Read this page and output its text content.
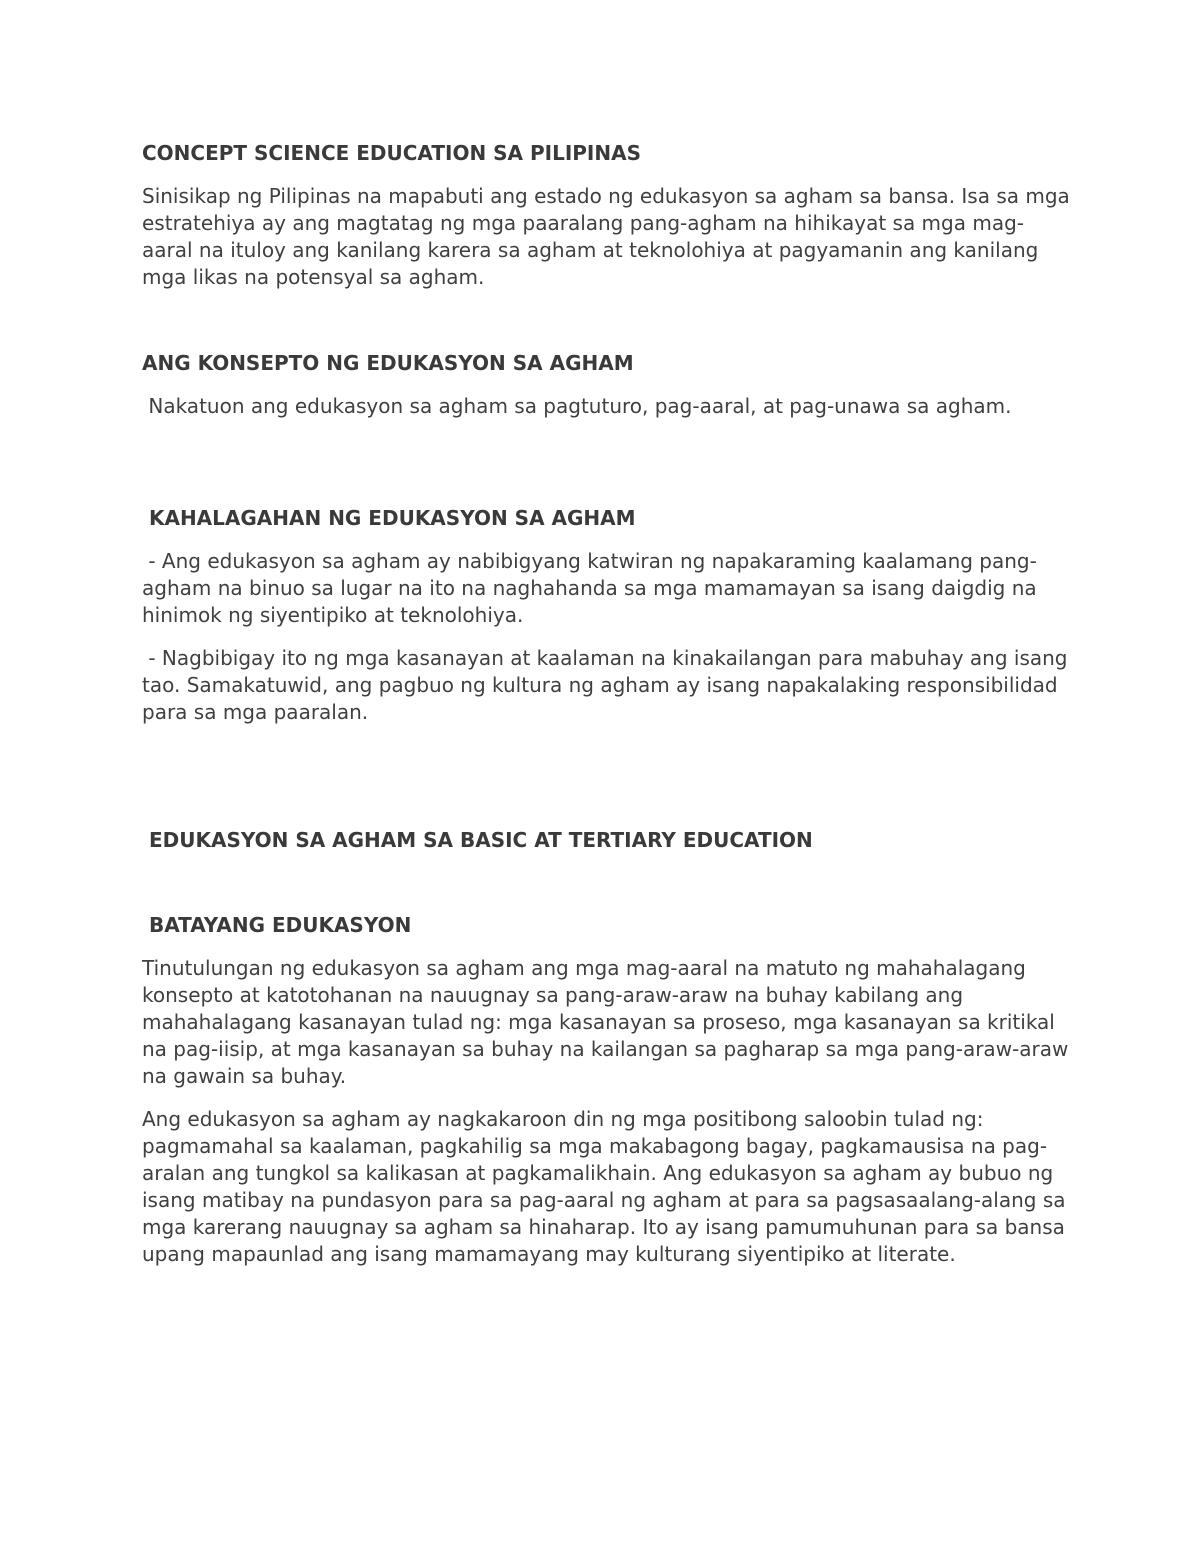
CONCEPT SCIENCE EDUCATION SA PILIPINAS

Sinisikap ng Pilipinas na mapabuti ang estado ng edukasyon sa agham sa bansa. Isa sa mga estratehiya ay ang magtatag ng mga paaralang pang-agham na hihikayat sa mga mag-aaral na ituloy ang kanilang karera sa agham at teknolohiya at pagyamanin ang kanilang mga likas na potensyal sa agham.

ANG KONSEPTO NG EDUKASYON SA AGHAM

Nakatuon ang edukasyon sa agham sa pagtuturo, pag-aaral, at pag-unawa sa agham.

KAHALAGAHAN NG EDUKASYON SA AGHAM

- Ang edukasyon sa agham ay nabibigyang katwiran ng napakaraming kaalamang pang-agham na binuo sa lugar na ito na naghahanda sa mga mamamayan sa isang daigdig na hinimok ng siyentipiko at teknolohiya.

- Nagbibigay ito ng mga kasanayan at kaalaman na kinakailangan para mabuhay ang isang tao. Samakatuwid, ang pagbuo ng kultura ng agham ay isang napakalaking responsibilidad para sa mga paaralan.

EDUKASYON SA AGHAM SA BASIC AT TERTIARY EDUCATION
BATAYANG EDUKASYON

Tinutulungan ng edukasyon sa agham ang mga mag-aaral na matuto ng mahahalagang konsepto at katotohanan na nauugnay sa pang-araw-araw na buhay kabilang ang mahahalagang kasanayan tulad ng: mga kasanayan sa proseso, mga kasanayan sa kritikal na pag-iisip, at mga kasanayan sa buhay na kailangan sa pagharap sa mga pang-araw-araw na gawain sa buhay.

Ang edukasyon sa agham ay nagkakaroon din ng mga positibong saloobin tulad ng: pagmamahal sa kaalaman, pagkahilig sa mga makabagong bagay, pagkamausisa na pag-aralan ang tungkol sa kalikasan at pagkamalikhain. Ang edukasyon sa agham ay bubuo ng isang matibay na pundasyon para sa pag-aaral ng agham at para sa pagsasaalang-alang sa mga karerang nauugnay sa agham sa hinaharap. Ito ay isang pamumuhunan para sa bansa upang mapaunlad ang isang mamamayang may kulturang siyentipiko at literate.
